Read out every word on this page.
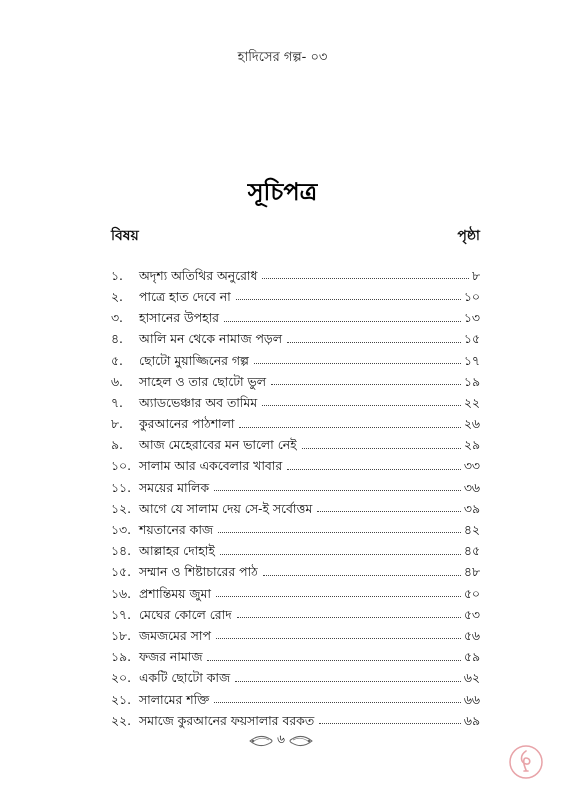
হাদিসের গল্প- ০৩
সূচিপত্র
বিষয়	পৃষ্ঠা
১.	অদৃশ্য অতিথির অনুরোধ	৮
২.	পাত্রে হাত দেবে না	১০
৩.	হাসানের উপহার	১৩
৪.	আলি মন থেকে নামাজ পড়ল	১৫
৫.	ছোটো মুয়াজ্জিনের গল্প	১৭
৬.	সাহেল ও তার ছোটো ভুল	১৯
৭.	অ্যাডভেঞ্চার অব তামিম	২২
৮.	কুরআনের পাঠশালা	২৬
৯.	আজ মেহেরাবের মন ভালো নেই	২৯
১০. সালাম আর একবেলার খাবার	৩৩
১১. সময়ের মালিক	৩৬
১২. আগে যে সালাম দেয় সে-ই সর্বোত্তম	৩৯
১৩. শয়তানের কাজ	৪২
১৪. আল্লাহর দোহাই	৪৫
১৫. সম্মান ও শিষ্টাচারের পাঠ	৪৮
১৬. প্রশান্তিময় জুমা	৫০
১৭. মেঘের কোলে রোদ	৫৩
১৮. জমজমের সাপ	৫৬
১৯. ফজর নামাজ	৫৯
২০. একটি ছোটো কাজ	৬২
২১. সালামের শক্তি	৬৬
২২. সমাজে কুরআনের ফয়সালার বরকত	৬৯
৬
